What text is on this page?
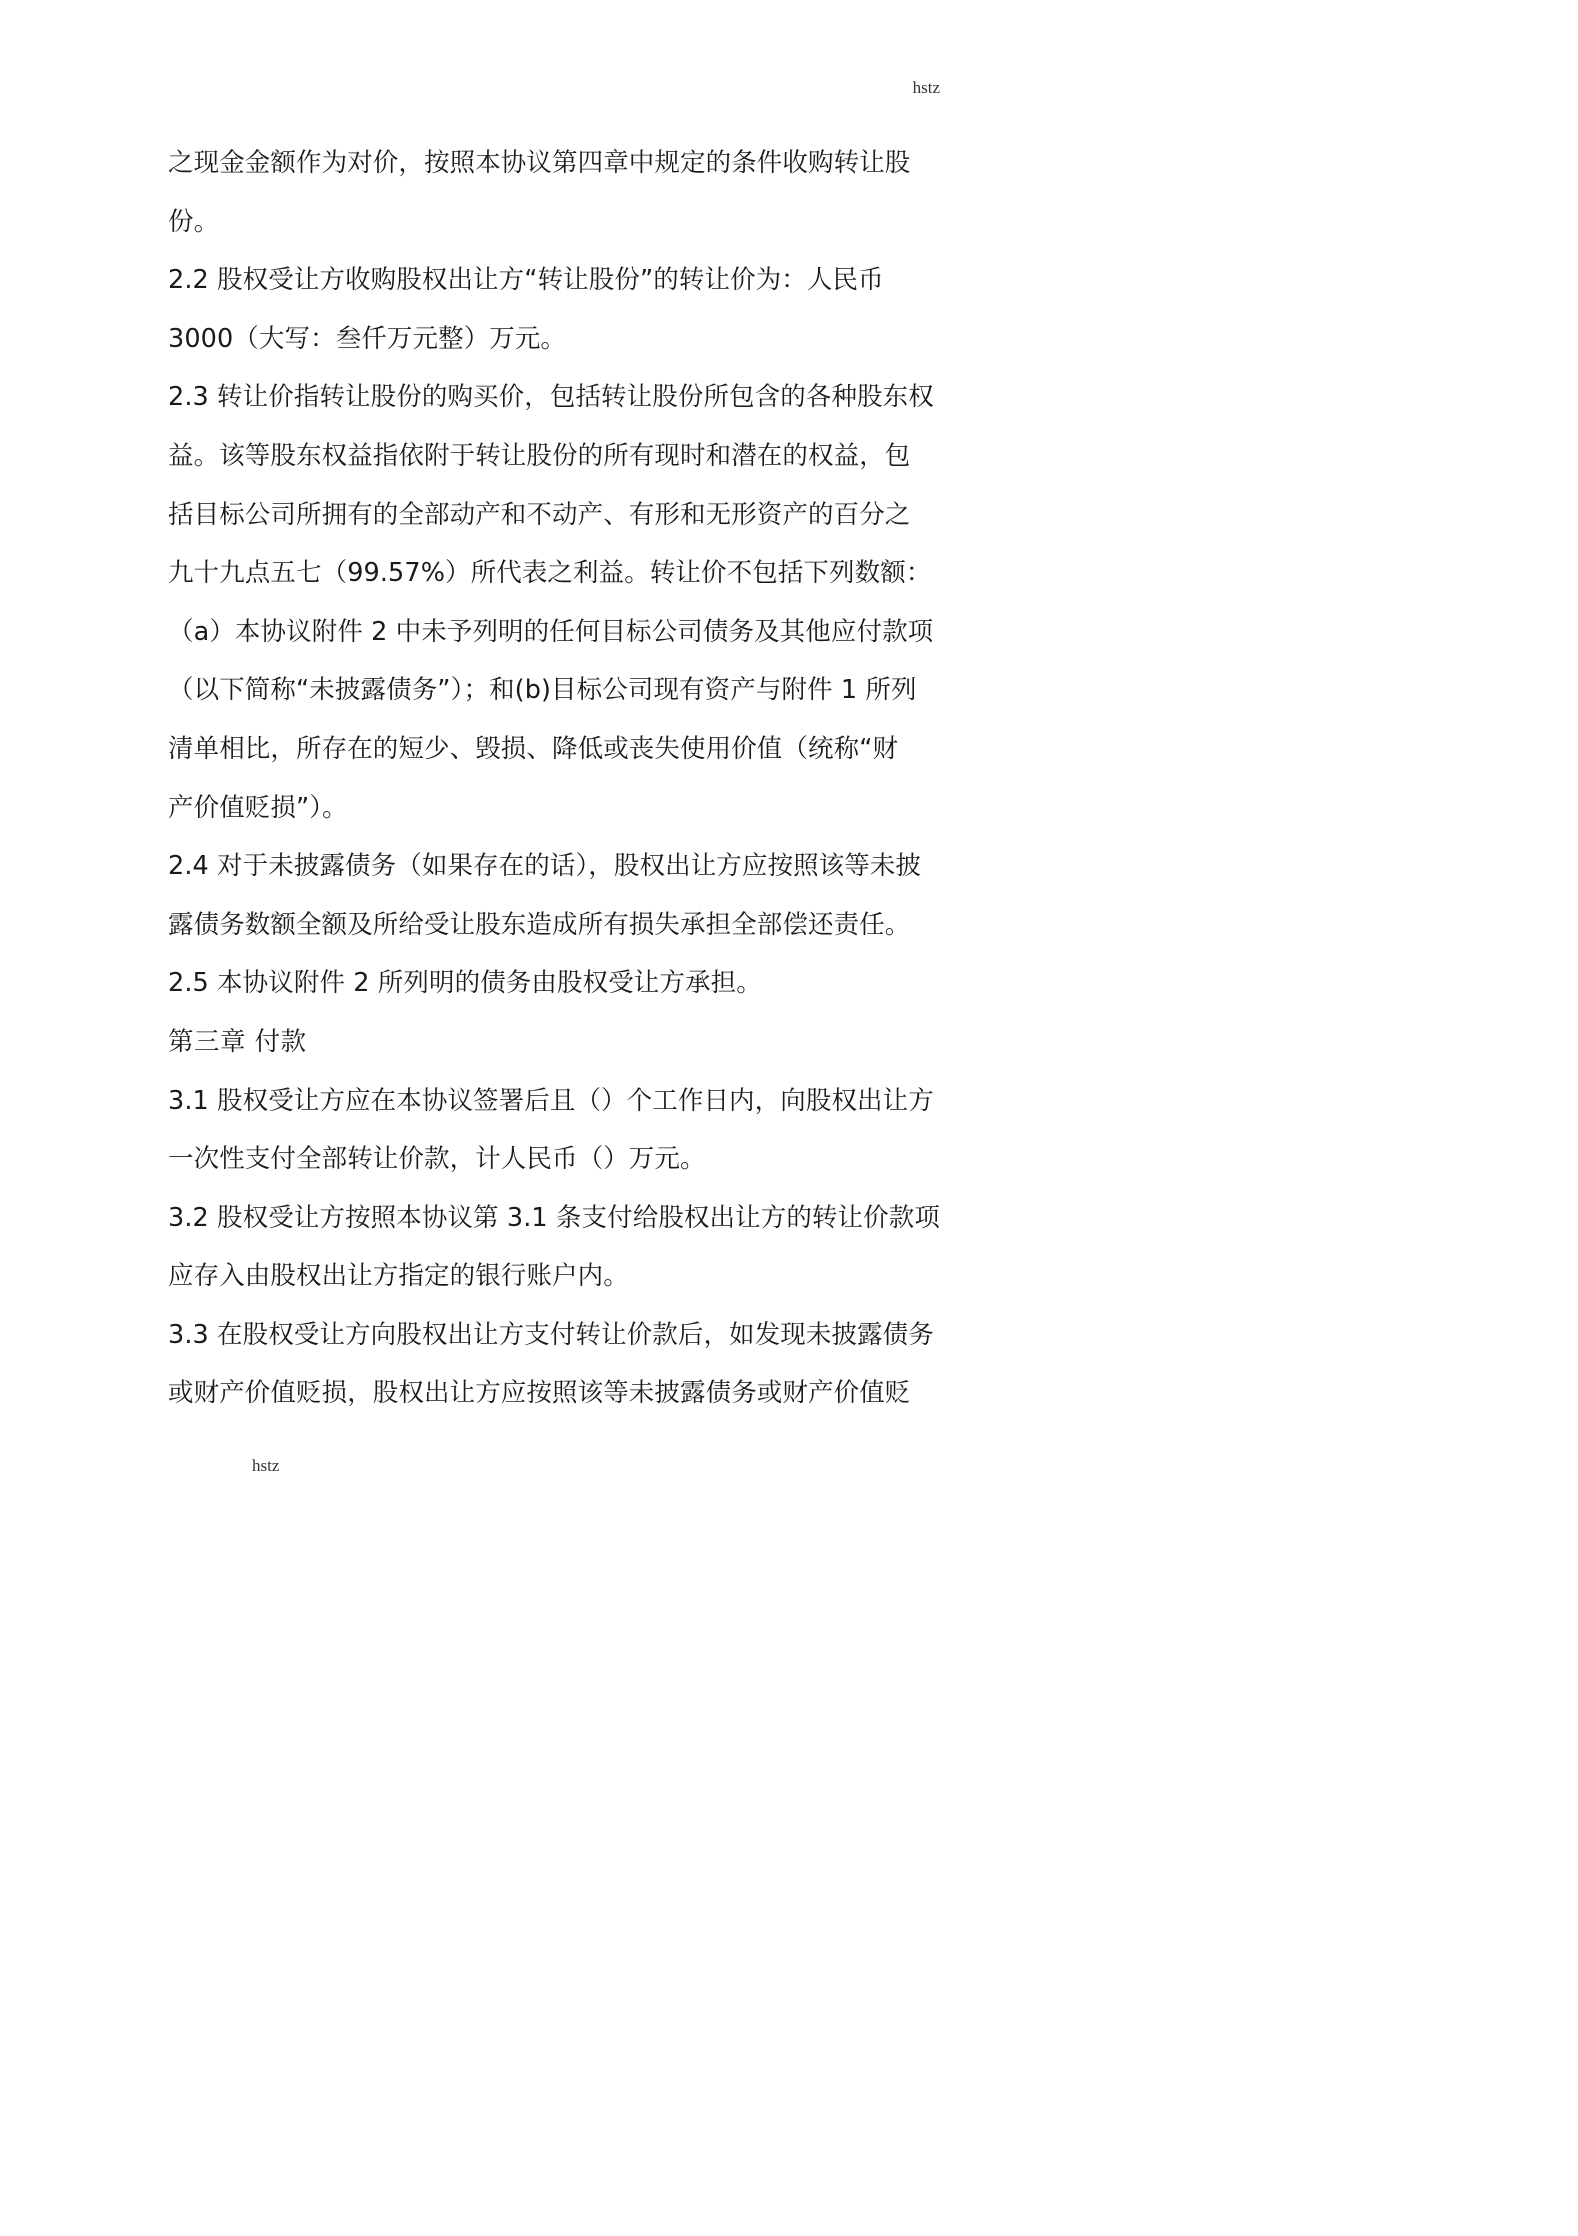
hstz
之现金金额作为对价，按照本协议第四章中规定的条件收购转让股
份。
2.2 股权受让方收购股权出让方“转让股份”的转让价为：人民币
3000（大写：叁仟万元整）万元。
2.3 转让价指转让股份的购买价，包括转让股份所包含的各种股东权
益。该等股东权益指依附于转让股份的所有现时和潜在的权益，包
括目标公司所拥有的全部动产和不动产、有形和无形资产的百分之
九十九点五七（99.57%）所代表之利益。转让价不包括下列数额：
（a）本协议附件 2 中未予列明的任何目标公司债务及其他应付款项
（以下简称“未披露债务”）；和(b)目标公司现有资产与附件 1 所列
清单相比，所存在的短少、毁损、降低或丧失使用价值（统称“财
产价值贬损”）。
2.4 对于未披露债务（如果存在的话），股权出让方应按照该等未披
露债务数额全额及所给受让股东造成所有损失承担全部偿还责任。
2.5 本协议附件 2 所列明的债务由股权受让方承担。
第三章 付款
3.1 股权受让方应在本协议签署后且（）个工作日内，向股权出让方
一次性支付全部转让价款，计人民币（）万元。
3.2 股权受让方按照本协议第 3.1 条支付给股权出让方的转让价款项
应存入由股权出让方指定的银行账户内。
3.3 在股权受让方向股权出让方支付转让价款后，如发现未披露债务
或财产价值贬损，股权出让方应按照该等未披露债务或财产价值贬
hstz
